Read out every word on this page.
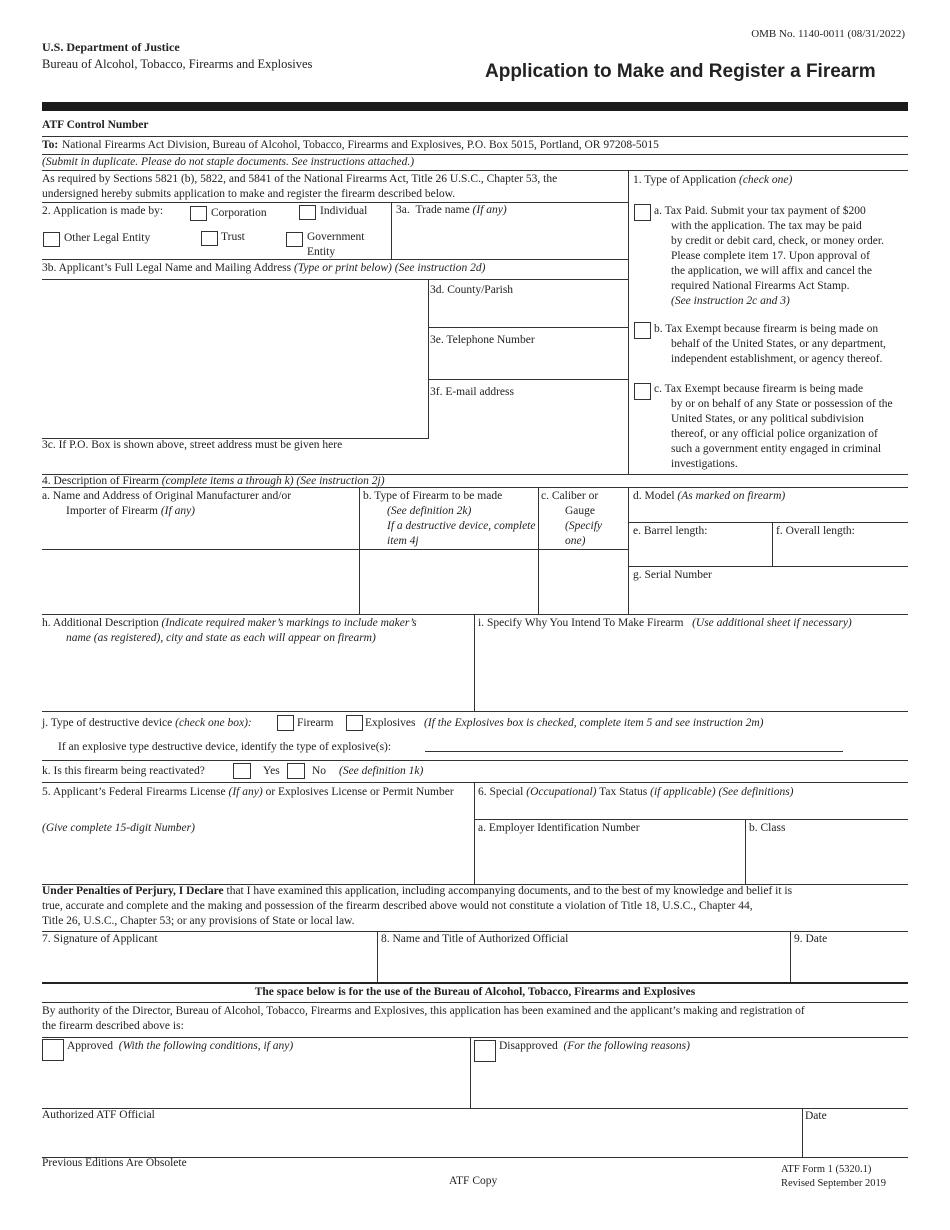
OMB No. 1140-0011 (08/31/2022)
U.S. Department of Justice
Bureau of Alcohol, Tobacco, Firearms and Explosives	Application to Make and Register a Firearm
ATF Control Number
To: National Firearms Act Division, Bureau of Alcohol, Tobacco, Firearms and Explosives, P.O. Box 5015, Portland, OR 97208-5015
(Submit in duplicate. Please do not staple documents. See instructions attached.)
As required by Sections 5821 (b), 5822, and 5841 of the National Firearms Act, Title 26 U.S.C., Chapter 53, the
undersigned hereby submits application to make and register the firearm described below.
1. Type of Application (check one)
a. Tax Paid. Submit your tax payment of $200
with the application. The tax may be paid
by credit or debit card, check, or money order.
Please complete item 17. Upon approval of
the application, we will affix and cancel the
required National Firearms Act Stamp.
(See instruction 2c and 3)
b. Tax Exempt because firearm is being made on
behalf of the United States, or any department,
independent establishment, or agency thereof.
c. Tax Exempt because firearm is being made
by or on behalf of any State or possession of the
United States, or any political subdivision
thereof, or any official police organization of
such a government entity engaged in criminal
investigations.
2. Application is made by:	Corporation	Individual
Other Legal Entity	Trust	Government
Entity
3a. Trade name (If any)
3b. Applicant’s Full Legal Name and Mailing Address (Type or print below) (See instruction 2d)
3d. County/Parish
3e. Telephone Number
3f. E-mail address
3c. If P.O. Box is shown above, street address must be given here
4. Description of Firearm (complete items a through k) (See instruction 2j)
a. Name and Address of Original Manufacturer and/or
Importer of Firearm (If any)
b. Type of Firearm to be made
(See definition 2k)
If a destructive device, complete
item 4j
c. Caliber or
Gauge
(Specify
one)
d. Model (As marked on firearm)
e. Barrel length:	f. Overall length:
g. Serial Number
h. Additional Description (Indicate required maker’s markings to include maker’s
name (as registered), city and state as each will appear on firearm)
i. Specify Why You Intend To Make Firearm (Use additional sheet if necessary)
j. Type of destructive device (check one box):	Firearm	Explosives (If the Explosives box is checked, complete item 5 and see instruction 2m)
If an explosive type destructive device, identify the type of explosive(s):
k. Is this firearm being reactivated?	Yes	No (See definition 1k)
5. Applicant’s Federal Firearms License (If any) or Explosives License or Permit Number 6. Special (Occupational) Tax Status (if applicable) (See definitions)
(Give complete 15-digit Number)	a. Employer Identification Number	b. Class
Under Penalties of Perjury, I Declare that I have examined this application, including accompanying documents, and to the best of my knowledge and belief it is
true, accurate and complete and the making and possession of the firearm described above would not constitute a violation of Title 18, U.S.C., Chapter 44,
Title 26, U.S.C., Chapter 53; or any provisions of State or local law.
7. Signature of Applicant	8. Name and Title of Authorized Official	9. Date
The space below is for the use of the Bureau of Alcohol, Tobacco, Firearms and Explosives
By authority of the Director, Bureau of Alcohol, Tobacco, Firearms and Explosives, this application has been examined and the applicant’s making and registration of
the firearm described above is:
Approved (With the following conditions, if any)	Disapproved (For the following reasons)
Authorized ATF Official	Date
Previous Editions Are Obsolete
ATF Copy
ATF Form 1 (5320.1)
Revised September 2019
